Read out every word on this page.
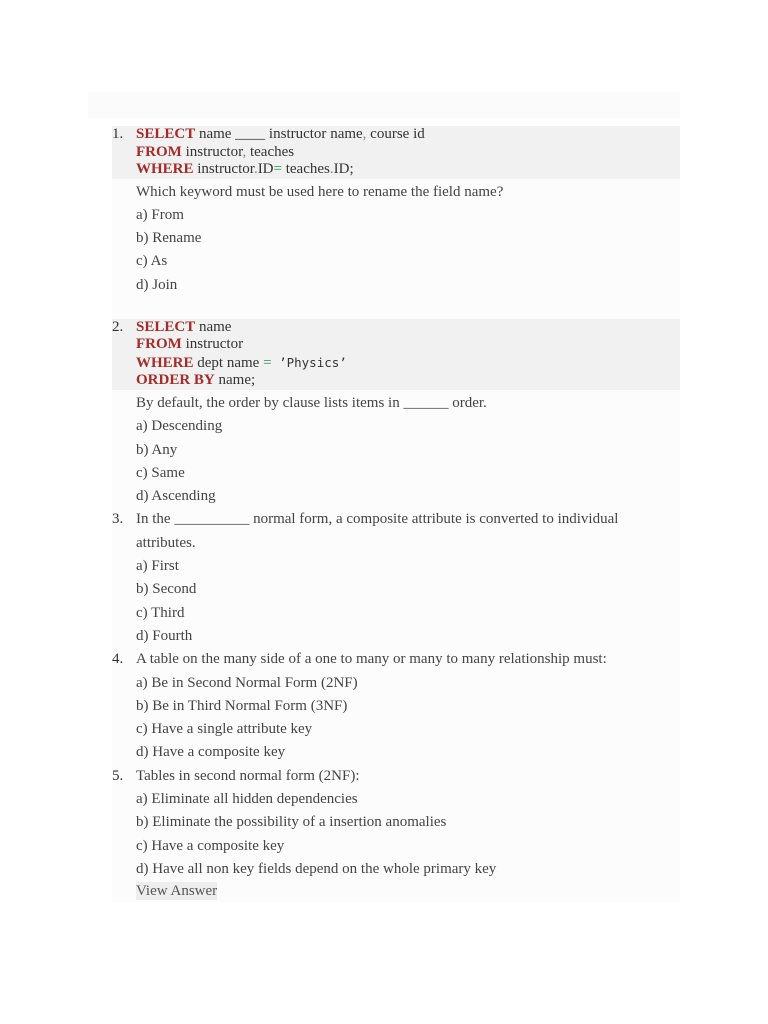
1. SELECT name ____ instructor name, course id
FROM instructor, teaches
WHERE instructor.ID= teaches.ID;
Which keyword must be used here to rename the field name?
a) From
b) Rename
c) As
d) Join
2. SELECT name
FROM instructor
WHERE dept name = ’Physics’
ORDER BY name;
By default, the order by clause lists items in ______ order.
a) Descending
b) Any
c) Same
d) Ascending
3. In the __________ normal form, a composite attribute is converted to individual
attributes.
a) First
b) Second
c) Third
d) Fourth
4. A table on the many side of a one to many or many to many relationship must:
a) Be in Second Normal Form (2NF)
b) Be in Third Normal Form (3NF)
c) Have a single attribute key
d) Have a composite key
5. Tables in second normal form (2NF):
a) Eliminate all hidden dependencies
b) Eliminate the possibility of a insertion anomalies
c) Have a composite key
d) Have all non key fields depend on the whole primary key
View Answer
